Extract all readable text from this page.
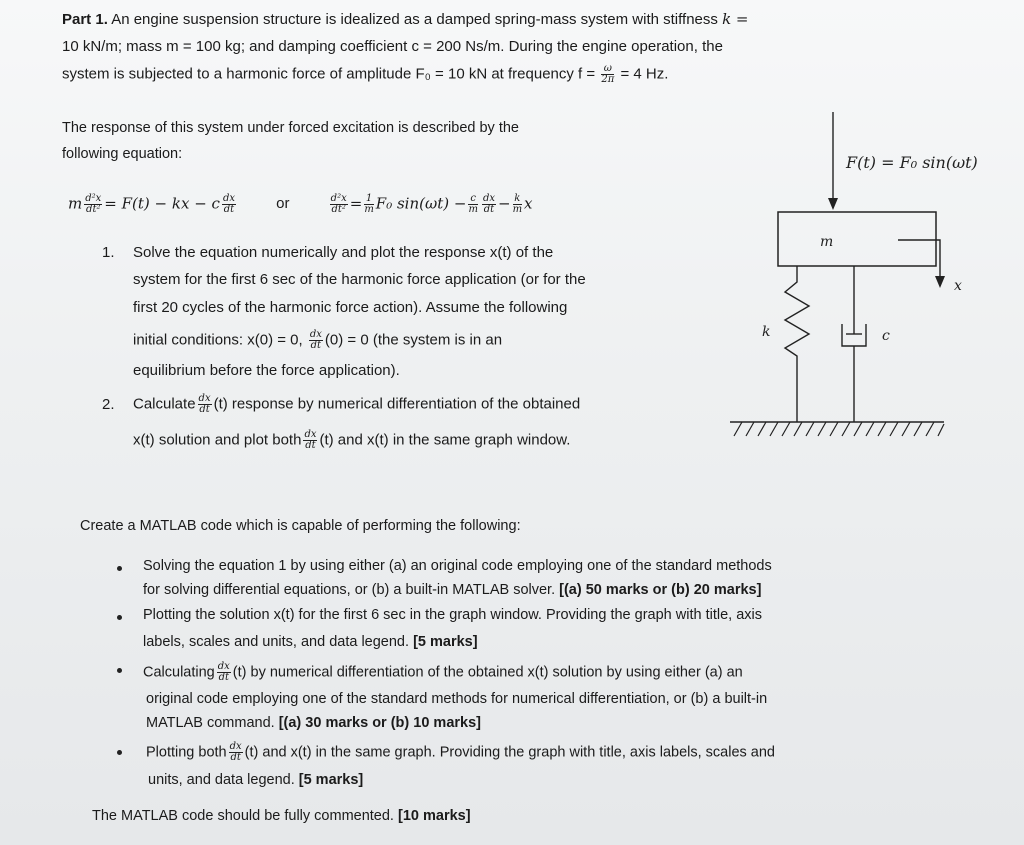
Part 1. An engine suspension structure is idealized as a damped spring-mass system with stiffness k =
10 kN/m; mass m = 100 kg; and damping coefficient c = 200 Ns/m. During the engine operation, the
system is subjected to a harmonic force of amplitude F₀ = 10 kN at frequency $f = \frac{\omega}{2\pi} = 4$ Hz.
The response of this system under forced excitation is described by the
following equation:
m $\frac{\text{d²x}}{\text{dt²}} = F(t)$ − kx − c $\frac{dx}{dt}$	or	$\frac{\text{d²x}}{\text{dt²}} = \frac{1}{m} F_0$ $\sin(\omega t) - \frac{c}{m} \frac{dx}{dt} - \frac{k}{m}$ x
1. Solve the equation numerically and plot the response x(t) of the
system for the first 6 sec of the harmonic force application (or for the
first 20 cycles of the harmonic force action). Assume the following
initial conditions: x(0) = 0, $\frac{dx}{dt} (0) = 0$ (the system is in an
equilibrium before the force application).
2. Calculate $\frac{dx}{dt} (t)$ response by numerical differentiation of the obtained
x(t) solution and plot both $\frac{dx}{dt} (t)$ and x(t) in the same graph window.
F(t) = F₀ sin(ωt)
m
x
k	c
Create a MATLAB code which is capable of performing the following:
Solving the equation 1 by using either (a) an original code employing one of the standard methods
for solving differential equations, or (b) a built-in MATLAB solver. [(a) 50 marks or (b) 20 marks]
Plotting the solution x(t) for the first 6 sec in the graph window. Providing the graph with title, axis
labels, scales and units, and data legend. [5 marks]
Calculating $\frac{dx}{dt} (t)$ by numerical differentiation of the obtained x(t) solution by using either (a) an
original code employing one of the standard methods for numerical differentiation, or (b) a built-in
MATLAB command. [(a) 30 marks or (b) 10 marks]
Plotting both $\frac{dx}{dt} (t)$ and x(t) in the same graph. Providing the graph with title, axis labels, scales and
units, and data legend. [5 marks]
The MATLAB code should be fully commented. [10 marks]
